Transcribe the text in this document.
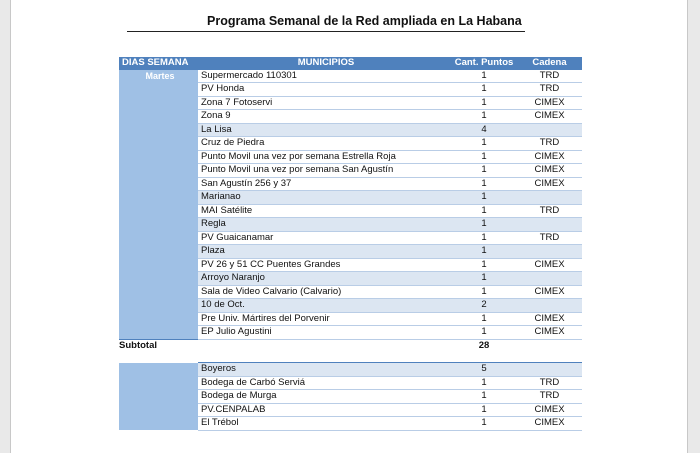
Programa Semanal de la Red ampliada en La Habana
DIAS SEMANA	MUNICIPIOS	Cant. Puntos	Cadena
Martes	Supermercado 110301	1	TRD
	PV Honda	1	TRD
	Zona 7 Fotoservi	1	CIMEX
	Zona 9	1	CIMEX
	La Lisa	4	
	Cruz de Piedra	1	TRD
	Punto Movil una vez por semana Estrella Roja	1	CIMEX
	Punto Movil una vez por semana San Agustín	1	CIMEX
	San Agustín 256 y 37	1	CIMEX
	Marianao	1	
	MAI Satélite	1	TRD
	Regla	1	
	PV Guaicanamar	1	TRD
	Plaza	1	
	PV 26 y 51 CC Puentes Grandes	1	CIMEX
	Arroyo Naranjo	1	
	Sala de Video Calvario (Calvario)	1	CIMEX
	10 de Oct.	2	
	Pre Univ. Mártires del Porvenir	1	CIMEX
	EP Julio Agustini	1	CIMEX
Subtotal		28	

	Boyeros	5	
	Bodega de Carbó Serviá	1	TRD
	Bodega de Murga	1	TRD
	PV.CENPALAB	1	CIMEX
	El Trébol	1	CIMEX
